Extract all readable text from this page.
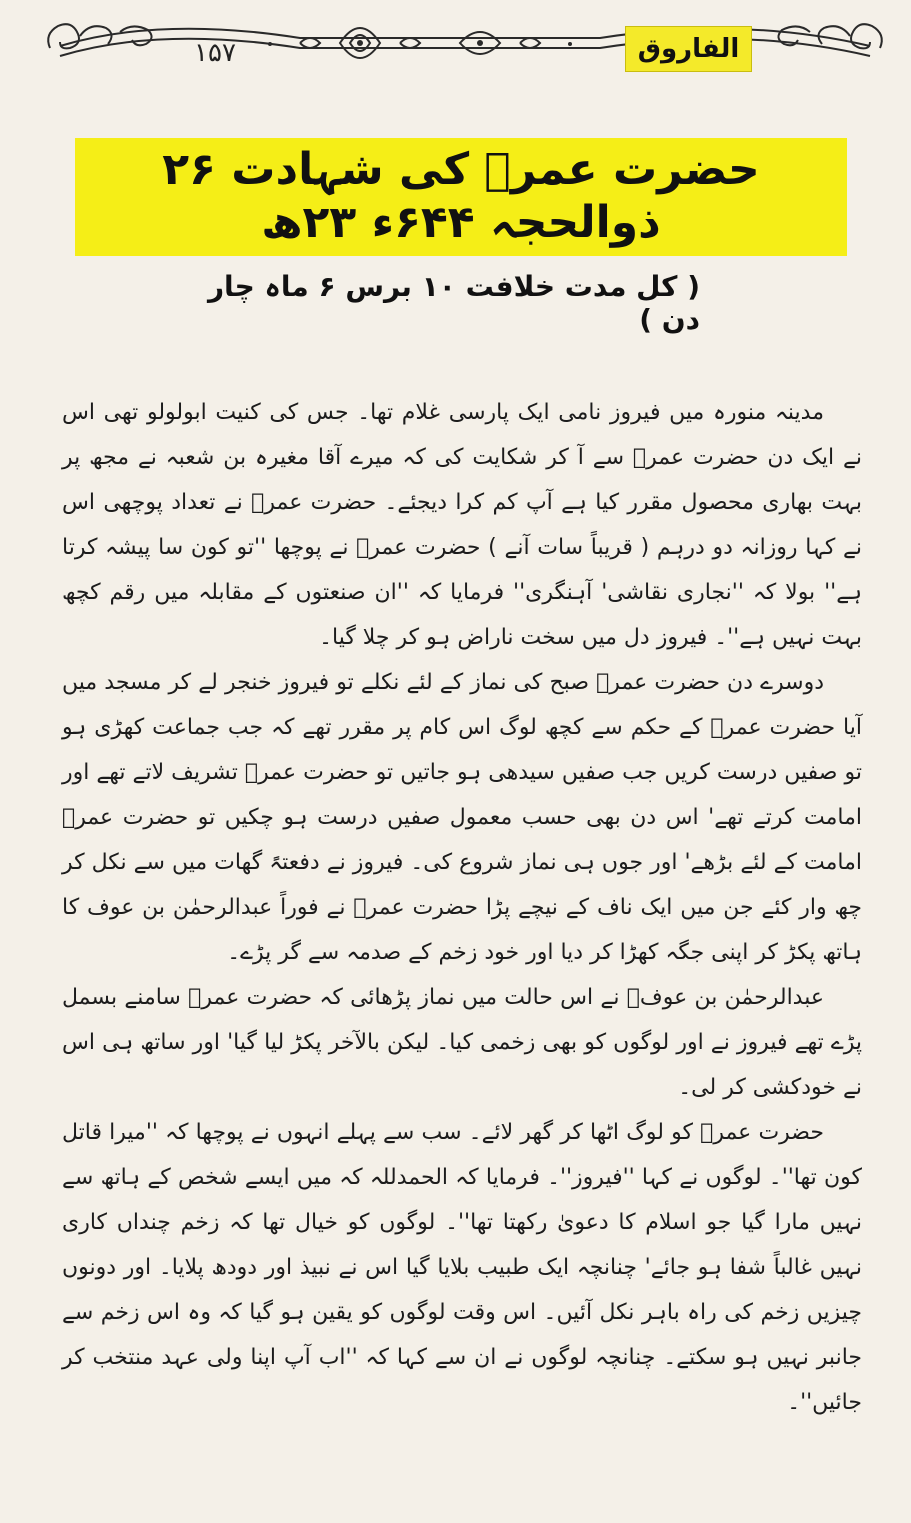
۱۵۷	الفاروق
حضرت عمرؓ کی شہادت ۲۶ ذوالحجہ ۶۴۴ء ۲۳ھ
( کل مدت خلافت ۱۰ برس ۶ ماہ چار دن )

مدینہ منورہ میں فیروز نامی ایک پارسی غلام تھا۔ جس کی کنیت ابولولو تھی اس نے ایک دن حضرت عمرؓ سے آ کر شکایت کی کہ میرے آقا مغیرہ بن شعبہ نے مجھ پر بہت بھاری محصول مقرر کیا ہے آپ کم کرا دیجئے۔ حضرت عمرؓ نے تعداد پوچھی اس نے کہا روزانہ دو درہم ( قریباً سات آنے ) حضرت عمرؓ نے پوچھا ''تو کون سا پیشہ کرتا ہے'' بولا کہ ''نجاری نقاشی' آہنگری'' فرمایا کہ ''ان صنعتوں کے مقابلہ میں رقم کچھ بہت نہیں ہے''۔ فیروز دل میں سخت ناراض ہو کر چلا گیا۔

دوسرے دن حضرت عمرؓ صبح کی نماز کے لئے نکلے تو فیروز خنجر لے کر مسجد میں آیا حضرت عمرؓ کے حکم سے کچھ لوگ اس کام پر مقرر تھے کہ جب جماعت کھڑی ہو تو صفیں درست کریں جب صفیں سیدھی ہو جاتیں تو حضرت عمرؓ تشریف لاتے تھے اور امامت کرتے تھے' اس دن بھی حسب معمول صفیں درست ہو چکیں تو حضرت عمرؓ امامت کے لئے بڑھے' اور جوں ہی نماز شروع کی۔ فیروز نے دفعتہً گھات میں سے نکل کر چھ وار کئے جن میں ایک ناف کے نیچے پڑا حضرت عمرؓ نے فوراً عبدالرحمٰن بن عوف کا ہاتھ پکڑ کر اپنی جگہ کھڑا کر دیا اور خود زخم کے صدمہ سے گر پڑے۔

عبدالرحمٰن بن عوفؓ نے اس حالت میں نماز پڑھائی کہ حضرت عمرؓ سامنے بسمل پڑے تھے فیروز نے اور لوگوں کو بھی زخمی کیا۔ لیکن بالآخر پکڑ لیا گیا' اور ساتھ ہی اس نے خودکشی کر لی۔

حضرت عمرؓ کو لوگ اٹھا کر گھر لائے۔ سب سے پہلے انہوں نے پوچھا کہ ''میرا قاتل کون تھا''۔ لوگوں نے کہا ''فیروز''۔ فرمایا کہ الحمدللہ کہ میں ایسے شخص کے ہاتھ سے نہیں مارا گیا جو اسلام کا دعویٰ رکھتا تھا''۔ لوگوں کو خیال تھا کہ زخم چنداں کاری نہیں غالباً شفا ہو جائے' چنانچہ ایک طبیب بلایا گیا اس نے نبیذ اور دودھ پلایا۔ اور دونوں چیزیں زخم کی راہ باہر نکل آئیں۔ اس وقت لوگوں کو یقین ہو گیا کہ وہ اس زخم سے جانبر نہیں ہو سکتے۔ چنانچہ لوگوں نے ان سے کہا کہ ''اب آپ اپنا ولی عہد منتخب کر جائیں''۔
